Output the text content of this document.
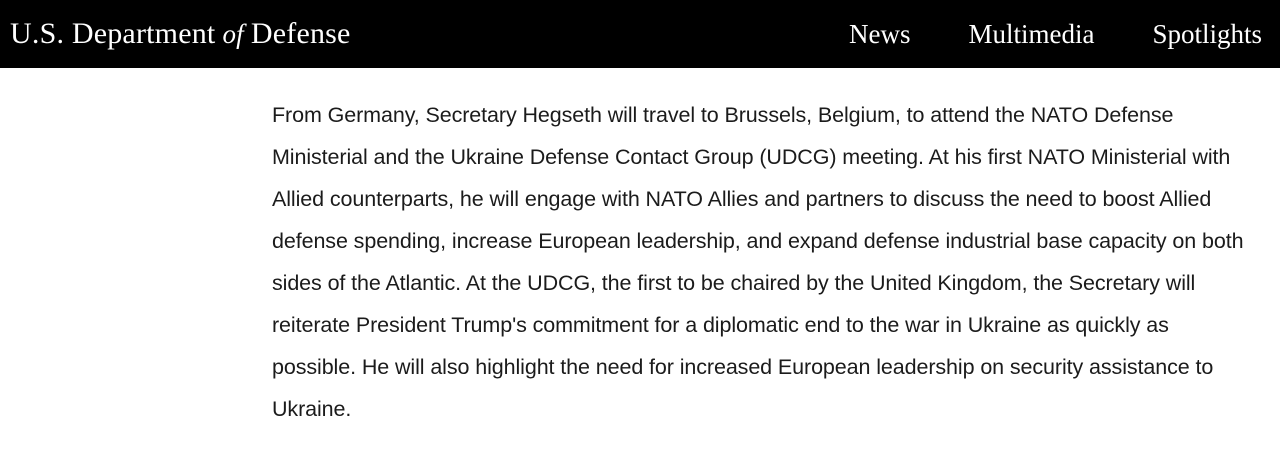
U.S. Department of Defense	News Multimedia Spotlights

From Germany, Secretary Hegseth will travel to Brussels, Belgium, to attend the NATO Defense Ministerial and the Ukraine Defense Contact Group (UDCG) meeting. At his first NATO Ministerial with Allied counterparts, he will engage with NATO Allies and partners to discuss the need to boost Allied defense spending, increase European leadership, and expand defense industrial base capacity on both sides of the Atlantic. At the UDCG, the first to be chaired by the United Kingdom, the Secretary will reiterate President Trump's commitment for a diplomatic end to the war in Ukraine as quickly as possible. He will also highlight the need for increased European leadership on security assistance to Ukraine.
